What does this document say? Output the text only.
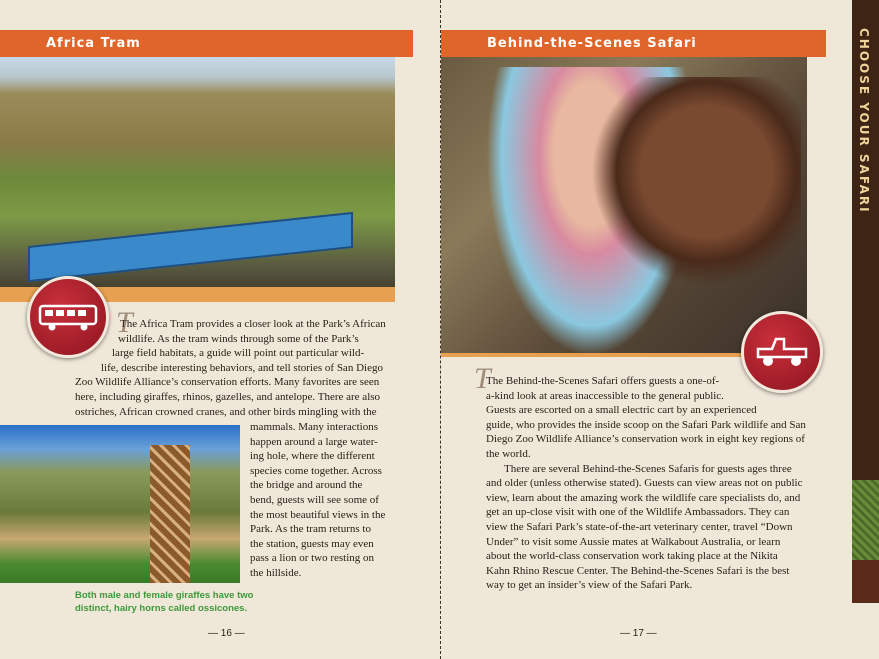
Africa Tram
T
The Africa Tram provides a closer look at the Park’s African
wildlife. As the tram winds through some of the Park’s
large field habitats, a guide will point out particular wild-
life, describe interesting behaviors, and tell stories of San Diego
Zoo Wildlife Alliance’s conservation efforts. Many favorites are seen
here, including giraffes, rhinos, gazelles, and antelope. There are also
ostriches, African crowned cranes, and other birds mingling with the
mammals. Many interactions
happen around a large water-
ing hole, where the different
species come together. Across
the bridge and around the
bend, guests will see some of
the most beautiful views in the
Park. As the tram returns to
the station, guests may even
pass a lion or two resting on
the hillside.
Both male and female giraffes have two
distinct, hairy horns called ossicones.
— 16 —
Behind-the-Scenes Safari
T
The Behind-the-Scenes Safari offers guests a one-of-
a-kind look at areas inaccessible to the general public.
Guests are escorted on a small electric cart by an experienced
guide, who provides the inside scoop on the Safari Park wildlife and San
Diego Zoo Wildlife Alliance’s conservation work in eight key regions of
the world.
There are several Behind-the-Scenes Safaris for guests ages three
and older (unless otherwise stated). Guests can view areas not on public
view, learn about the amazing work the wildlife care specialists do, and
get an up-close visit with one of the Wildlife Ambassadors. They can
view the Safari Park’s state-of-the-art veterinary center, travel “Down
Under” to visit some Aussie mates at Walkabout Australia, or learn
about the world-class conservation work taking place at the Nikita
Kahn Rhino Rescue Center. The Behind-the-Scenes Safari is the best
way to get an insider’s view of the Safari Park.
— 17 —
CHOOSE YOUR SAFARI
